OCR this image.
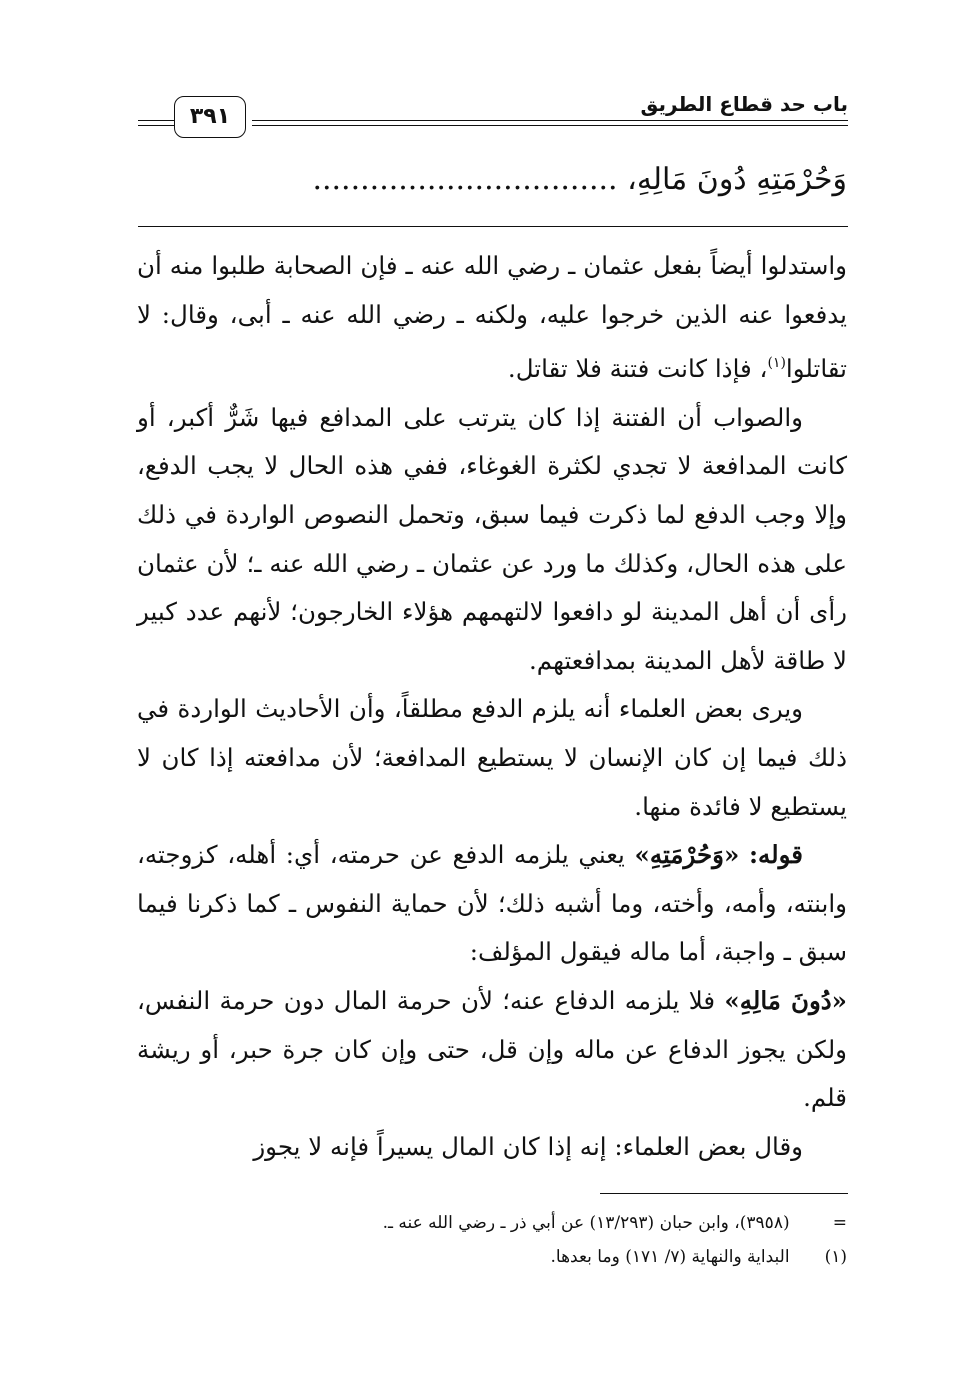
باب حد قطاع الطريق
٣٩١
وَحُرْمَتِهِ دُونَ مَالِهِ، ................................

واستدلوا أيضاً بفعل عثمان ـ رضي الله عنه ـ فإن الصحابة طلبوا منه أن يدفعوا عنه الذين خرجوا عليه، ولكنه ـ رضي الله عنه ـ أبى، وقال: لا تقاتلوا$^{(١)}$، فإذا كانت فتنة فلا تقاتل.

والصواب أن الفتنة إذا كان يترتب على المدافع فيها شَرٌّ أكبر، أو كانت المدافعة لا تجدي لكثرة الغوغاء، ففي هذه الحال لا يجب الدفع، وإلا وجب الدفع لما ذكرت فيما سبق، وتحمل النصوص الواردة في ذلك على هذه الحال، وكذلك ما ورد عن عثمان ـ رضي الله عنه ـ؛ لأن عثمان رأى أن أهل المدينة لو دافعوا لالتهمهم هؤلاء الخارجون؛ لأنهم عدد كبير لا طاقة لأهل المدينة بمدافعتهم.

ويرى بعض العلماء أنه يلزم الدفع مطلقاً، وأن الأحاديث الواردة في ذلك فيما إن كان الإنسان لا يستطيع المدافعة؛ لأن مدافعته إذا كان لا يستطيع لا فائدة منها.

قوله: «وَحُرْمَتِهِ» يعني يلزمه الدفع عن حرمته، أي: أهله، كزوجته، وابنته، وأمه، وأخته، وما أشبه ذلك؛ لأن حماية النفوس ـ كما ذكرنا فيما سبق ـ واجبة، أما ماله فيقول المؤلف:

«دُونَ مَالِهِ» فلا يلزمه الدفاع عنه؛ لأن حرمة المال دون حرمة النفس، ولكن يجوز الدفاع عن ماله وإن قل، حتى وإن كان جرة حبر، أو ريشة قلم.

وقال بعض العلماء: إنه إذا كان المال يسيراً فإنه لا يجوز

= (٣٩٥٨)، وابن حبان (١٣/٢٩٣) عن أبي ذر ـ رضي الله عنه ـ.
(١) البداية والنهاية (٧/ ١٧١) وما بعدها.
